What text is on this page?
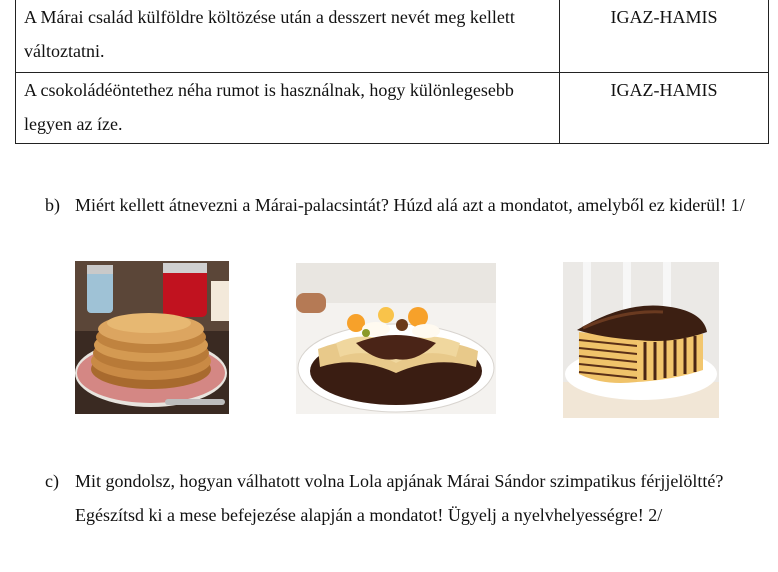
A Márai család külföldre költözése után a desszert nevét meg kellett változtatni.	IGAZ-HAMIS
A csokoládéöntethez néha rumot is használnak, hogy különlegesebb legyen az íze.	IGAZ-HAMIS
b) Miért kellett átnevezni a Márai-palacsintát? Húzd alá azt a mondatot, amelyből ez kiderül! 1/
c) Mit gondolsz, hogyan válhatott volna Lola apjának Márai Sándor szimpatikus férjjelöltté? Egészítsd ki a mese befejezése alapján a mondatot! Ügyelj a nyelvhelyességre! 2/
